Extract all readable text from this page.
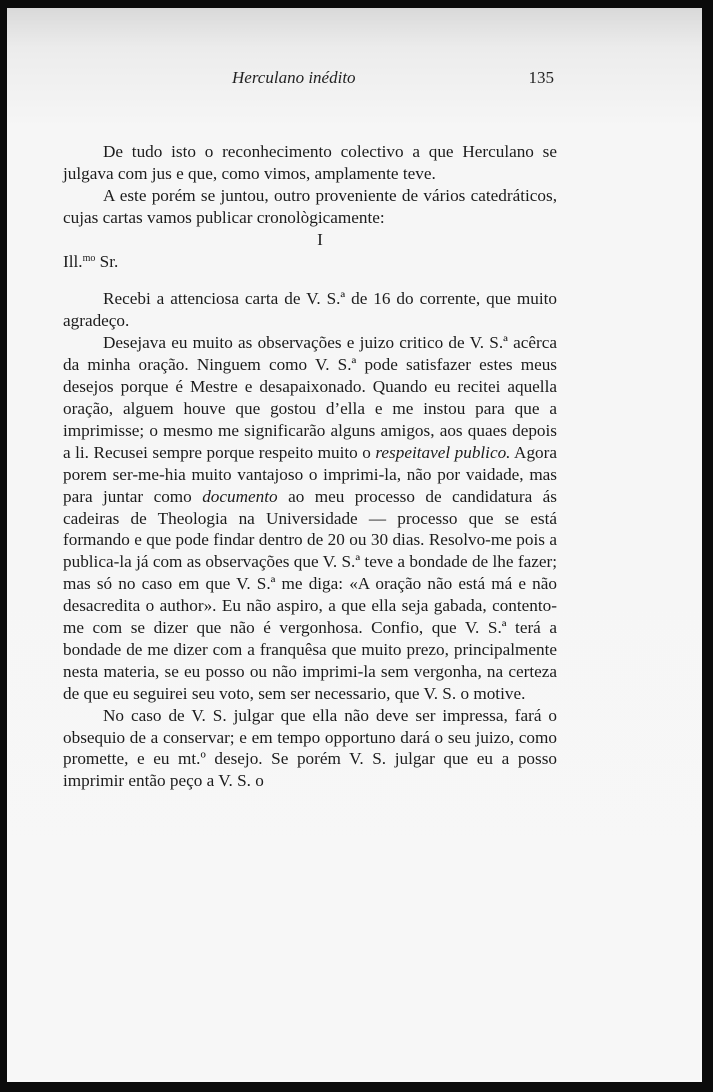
Herculano inédito	135

De tudo isto o reconhecimento colectivo a que Herculano se julgava com jus e que, como vimos, amplamente teve.

A este porém se juntou, outro proveniente de vários catedráticos, cujas cartas vamos publicar cronològicamente:

I

Ill.$^{mo}$ Sr.

Recebi a attenciosa carta de V. S.ª de 16 do corrente, que muito agradeço.

Desejava eu muito as observações e juizo critico de V. S.ª acêrca da minha oração. Ninguem como V. S.ª pode satisfazer estes meus desejos porque é Mestre e desapaixonado. Quando eu recitei aquella oração, alguem houve que gostou d’ella e me instou para que a imprimisse; o mesmo me significarão alguns amigos, aos quaes depois a li. Recusei sempre porque respeito muito o respeitavel publico. Agora porem ser-me-hia muito vantajoso o imprimi-la, não por vaidade, mas para juntar como documento ao meu processo de candidatura ás cadeiras de Theologia na Universidade — processo que se está formando e que pode findar dentro de 20 ou 30 dias. Resolvo-me pois a publica-la já com as observações que V. S.ª teve a bondade de lhe fazer; mas só no caso em que V. S.ª me diga: «A oração não está má e não desacredita o author». Eu não aspiro, a que ella seja gabada, contento-me com se dizer que não é vergonhosa. Confio, que V. S.ª terá a bondade de me dizer com a franquêsa que muito prezo, principalmente nesta materia, se eu posso ou não imprimi-la sem vergonha, na certeza de que eu seguirei seu voto, sem ser necessario, que V. S. o motive.

No caso de V. S. julgar que ella não deve ser impressa, fará o obsequio de a conservar; e em tempo opportuno dará o seu juizo, como promette, e eu mt.º desejo. Se porém V. S. julgar que eu a posso imprimir então peço a V. S. o
